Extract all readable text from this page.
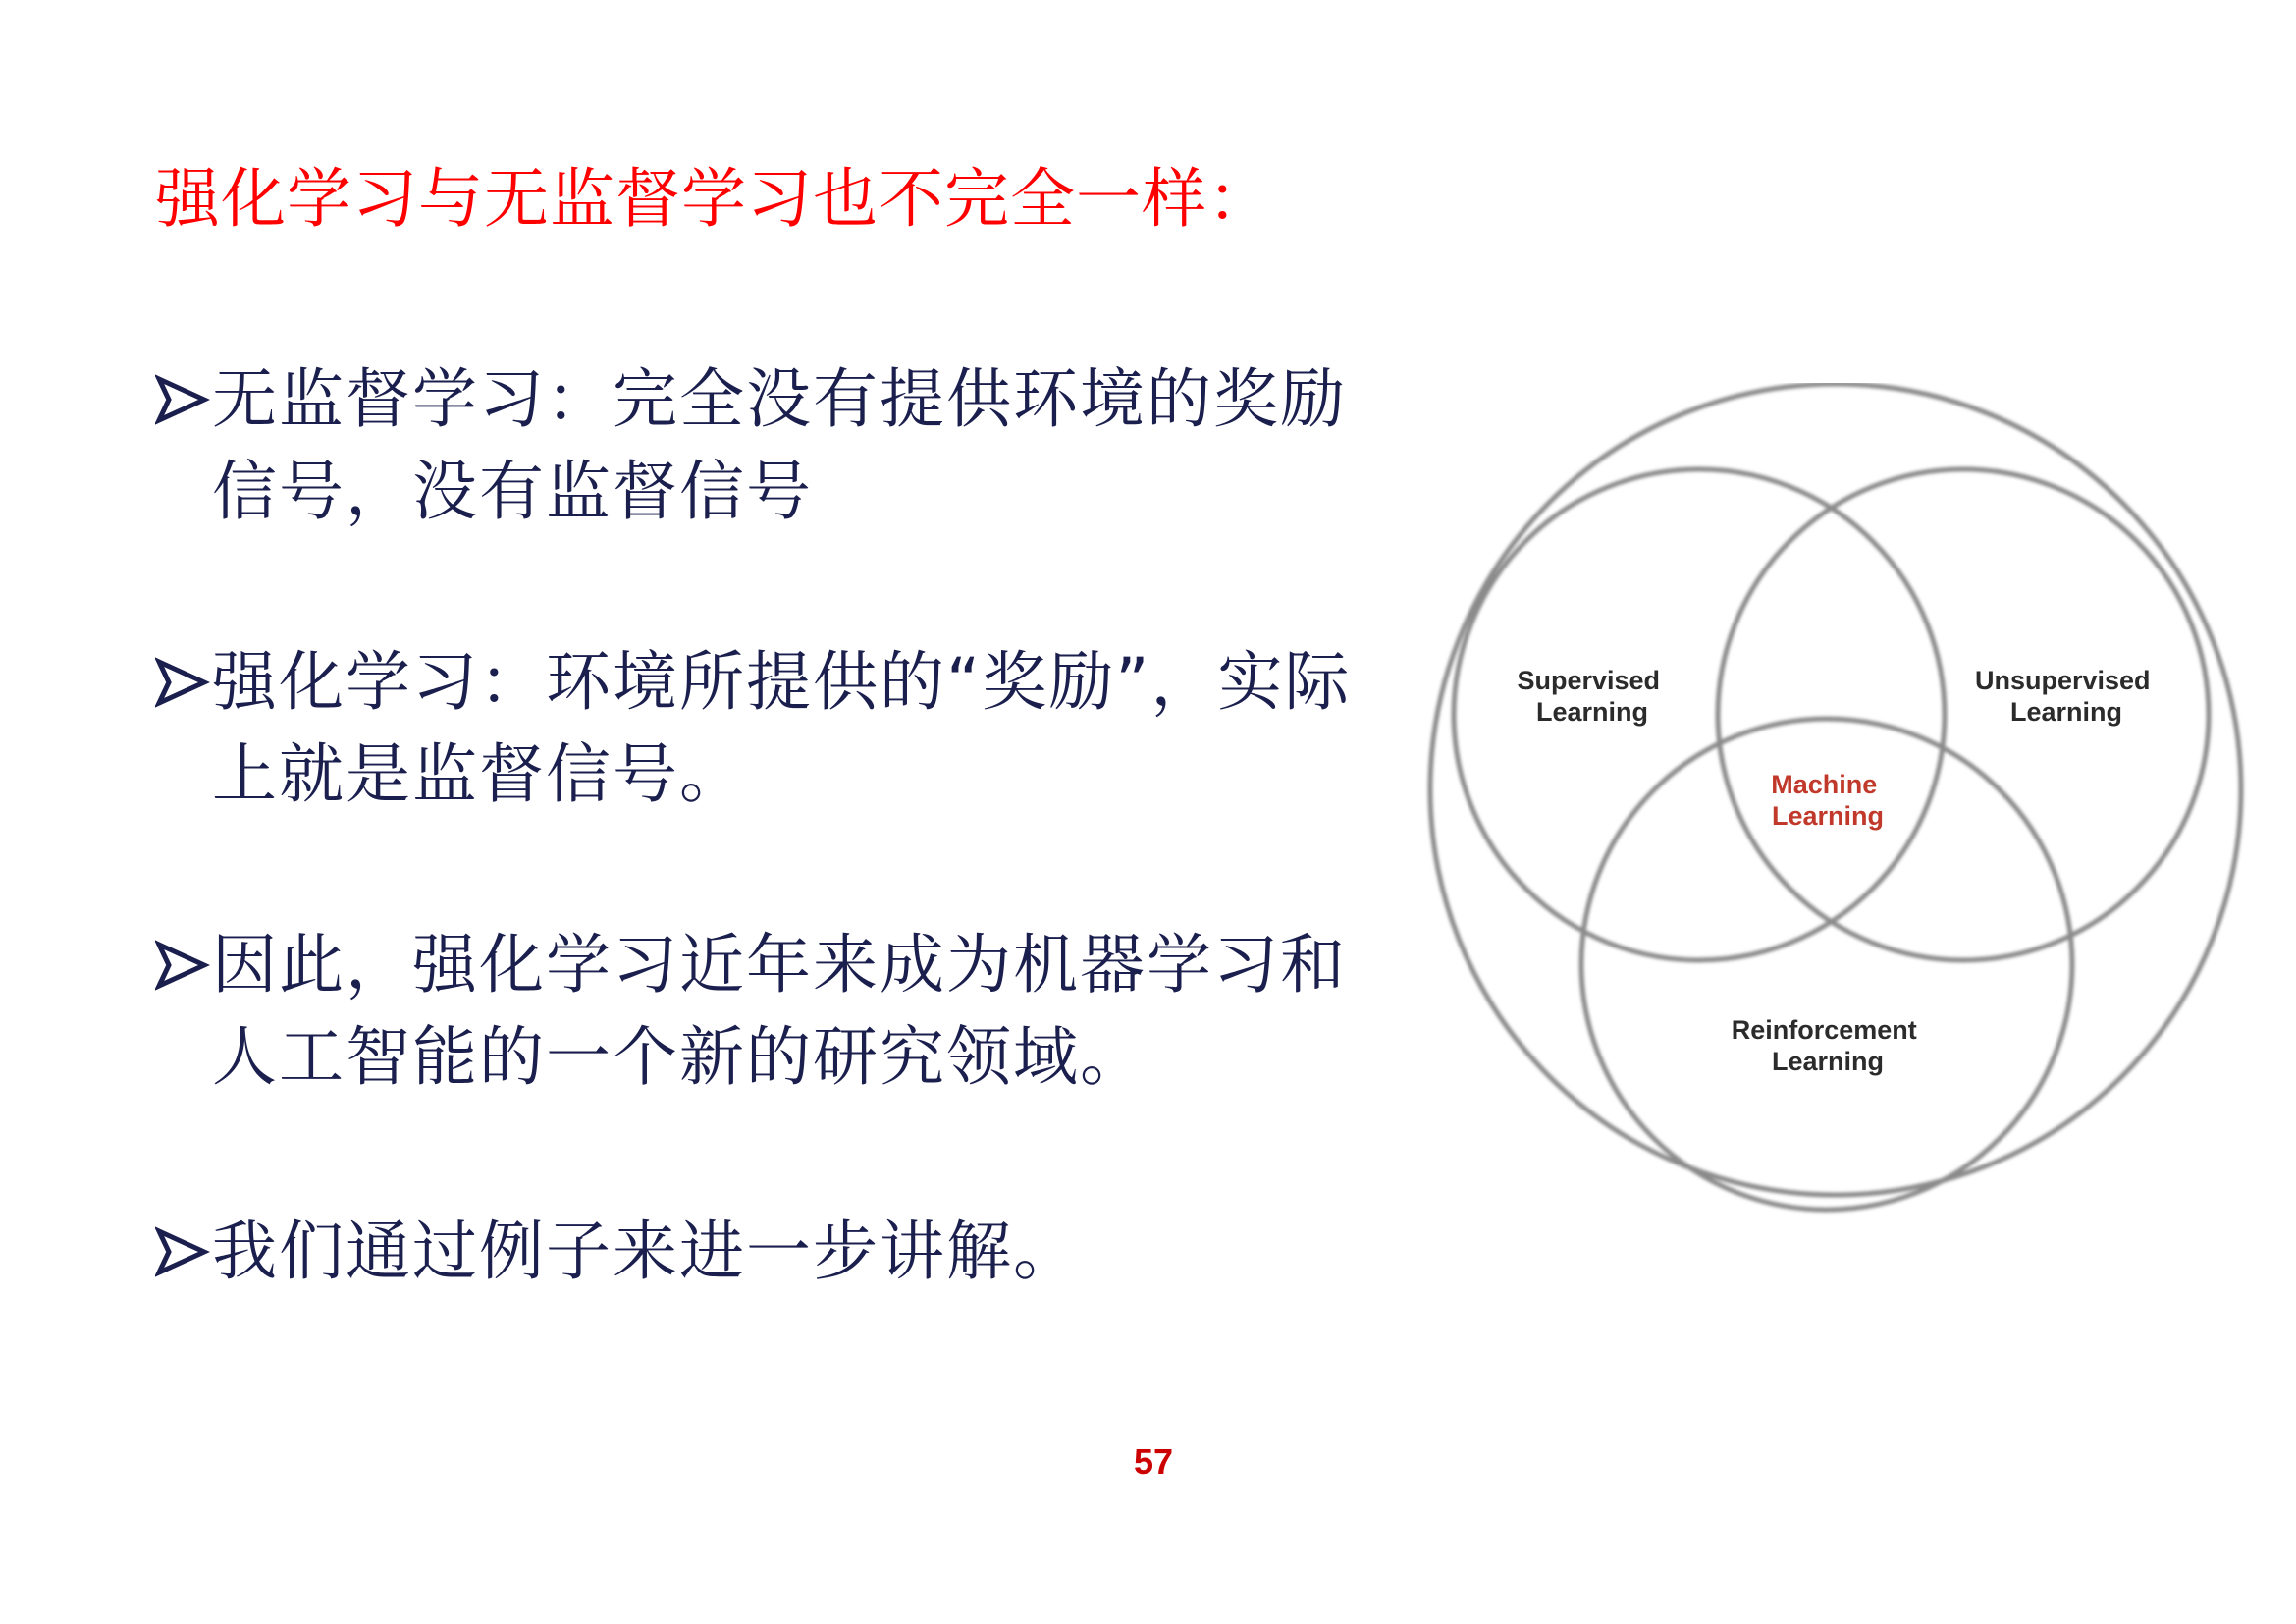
强化学习与无监督学习也不完全一样：
无监督学习：完全没有提供环境的奖励信号，没有监督信号
强化学习：环境所提供的“奖励”，实际上就是监督信号。
因此，强化学习近年来成为机器学习和人工智能的一个新的研究领域。
我们通过例子来进一步讲解。
Supervised Learning
Unsupervised Learning
Machine Learning
Reinforcement Learning
57
